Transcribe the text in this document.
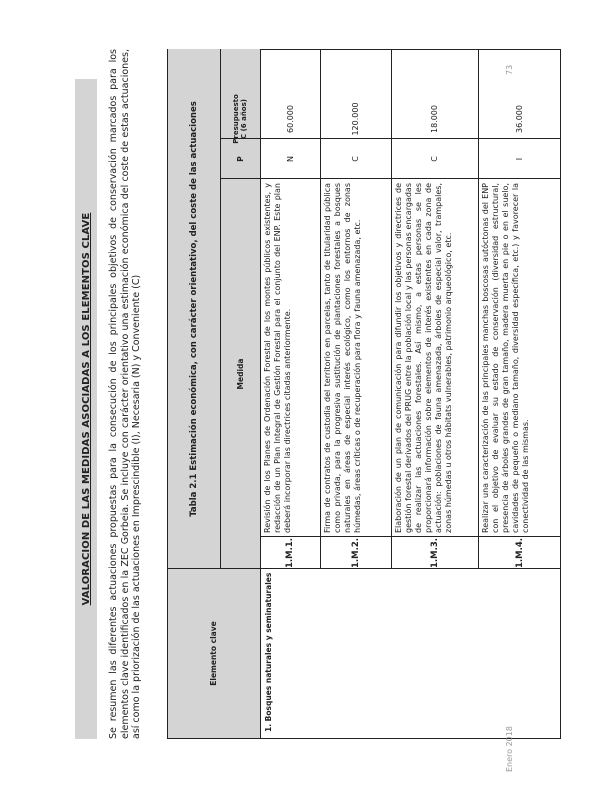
VALORACION DE LAS MEDIDAS ASOCIADAS A LOS ELEMENTOS CLAVE	Se resumen las diferentes actuaciones propuestas para la consecución de los principales objetivos de conservación marcados para los elementos clave identificados en la ZEC Gorbeia. Se incluye con carácter orientativo una estimación económica del coste de estas actuaciones, así como la priorización de las actuaciones en Imprescindible (I), Necesaria (N) y Conveniente (C)	Tabla 2.1 Estimación económica, con carácter orientativo, del coste de las actuaciones
Elemento clave
Medida
P
Presupuesto C (6 años)
1. Bosques naturales y seminaturales
1.M.1.
Revisión de los Planes de Ordenación Forestal de los montes públicos existentes, y redacción de un Plan Integral de Gestión Forestal para el conjunto del ENP. Este plan deberá incorporar las directrices citadas anteriormente.
N
60.000
1.M.2.
Firma de contratos de custodia del territorio en parcelas, tanto de titularidad pública como privada, para la progresiva sustitución de plantaciones forestales a bosques naturales en áreas de especial interés ecológico, como los entornos de zonas húmedas, áreas críticas o de recuperación para flora y fauna amenazada, etc.
C
120.000
1.M.3.
Elaboración de un plan de comunicación para difundir los objetivos y directrices de gestión forestal derivados del PRUG entre la población local y las personas encargadas de realizar las actuaciones forestales. Así mismo, a estas personas se les proporcionará información sobre elementos de interés existentes en cada zona de actuación: poblaciones de fauna amenazada, árboles de especial valor, trampales, zonas húmedas u otros hábitats vulnerables, patrimonio arqueológico, etc.
C
18.000
1.M.4.
Realizar una caracterización de las principales manchas boscosas autóctonas del ENP con el objetivo de evaluar su estado de conservación (diversidad estructural, presencia de árboles grandes de gran tamaño, madera muerta en pie o en el suelo, cavidades de pequeño o mediano tamaño, diversidad específica, etc.) y favorecer la conectividad de las mismas.
I
36.000
Enero 2018
73
